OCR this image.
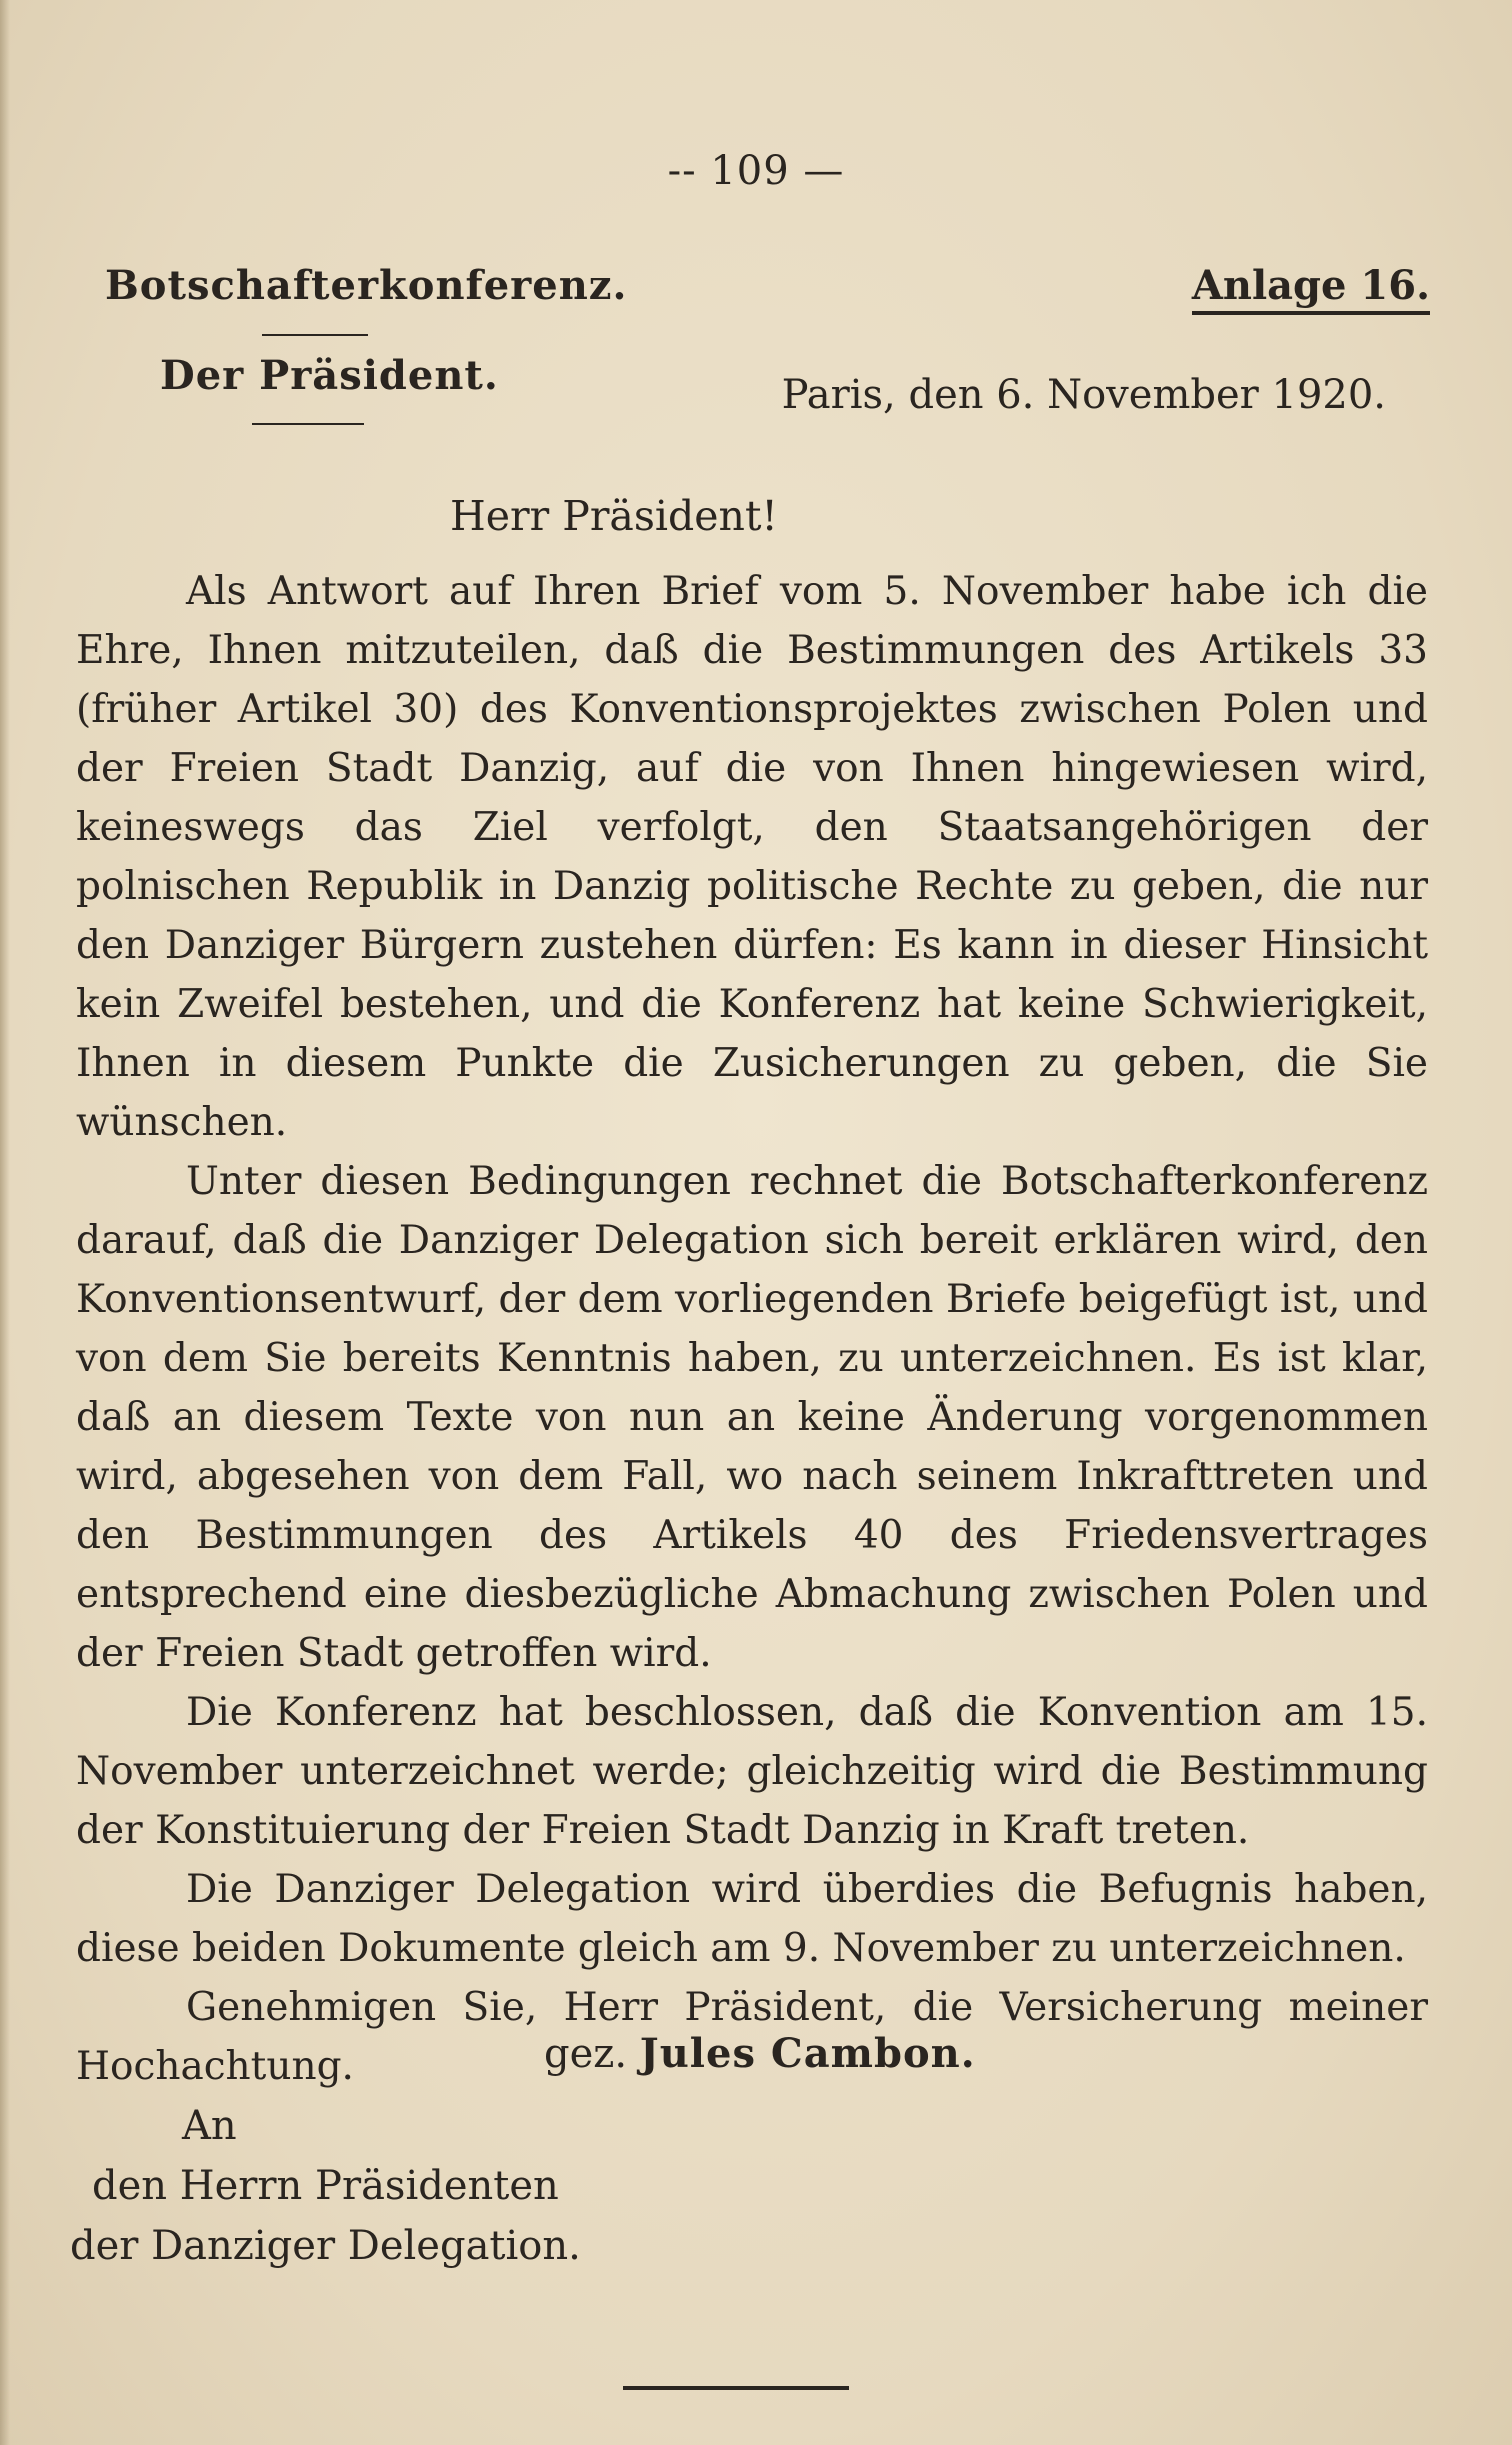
-- 109 —
Botschafterkonferenz.	Anlage 16.
Der Präsident.	Paris, den 6. November 1920.
Herr Präsident!

Als Antwort auf Ihren Brief vom 5. November habe ich die Ehre, Ihnen mitzuteilen, daß die Bestimmungen des Artikels 33 (früher Artikel 30) des Konventionsprojektes zwischen Polen und der Freien Stadt Danzig, auf die von Ihnen hingewiesen wird, keineswegs das Ziel verfolgt, den Staatsangehörigen der polnischen Republik in Danzig politische Rechte zu geben, die nur den Danziger Bürgern zustehen dürfen: Es kann in dieser Hinsicht kein Zweifel bestehen, und die Konferenz hat keine Schwierigkeit, Ihnen in diesem Punkte die Zusicherungen zu geben, die Sie wünschen.

Unter diesen Bedingungen rechnet die Botschafterkonferenz darauf, daß die Danziger Delegation sich bereit erklären wird, den Konventionsentwurf, der dem vorliegenden Briefe beigefügt ist, und von dem Sie bereits Kenntnis haben, zu unterzeichnen. Es ist klar, daß an diesem Texte von nun an keine Änderung vorgenommen wird, abgesehen von dem Fall, wo nach seinem Inkrafttreten und den Bestimmungen des Artikels 40 des Friedensvertrages entsprechend eine diesbezügliche Abmachung zwischen Polen und der Freien Stadt getroffen wird.

Die Konferenz hat beschlossen, daß die Konvention am 15. November unterzeichnet werde; gleichzeitig wird die Bestimmung der Konstituierung der Freien Stadt Danzig in Kraft treten.

Die Danziger Delegation wird überdies die Befugnis haben, diese beiden Dokumente gleich am 9. November zu unterzeichnen.

Genehmigen Sie, Herr Präsident, die Versicherung meiner Hochachtung.	gez. Jules Cambon.
An
den Herrn Präsidenten
der Danziger Delegation.
